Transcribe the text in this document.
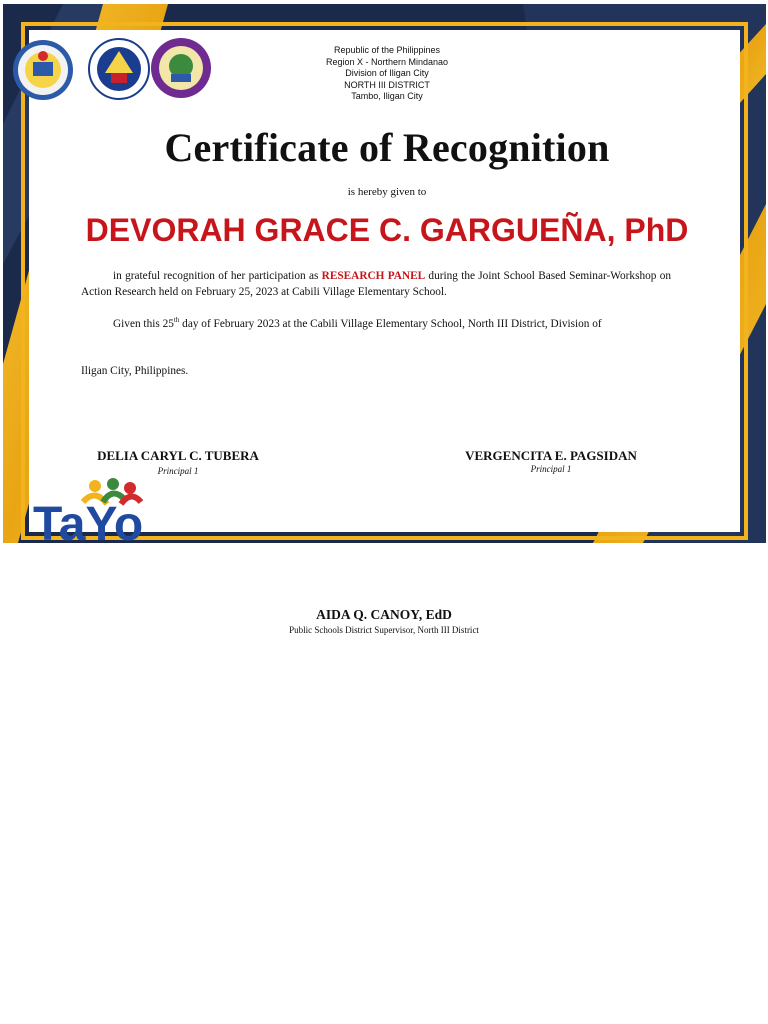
Republic of the Philippines
Region X - Northern Mindanao
Division of Iligan City
NORTH III DISTRICT
Tambo, Iligan City
Certificate of Recognition
is hereby given to
DEVORAH GRACE C. GARGUEÑA, PhD
in grateful recognition of her participation as RESEARCH PANEL during the Joint School Based Seminar-Workshop on Action Research held on February 25, 2023 at Cabili Village Elementary School.
Given this 25th day of February 2023 at the Cabili Village Elementary School, North III District, Division of
Iligan City, Philippines.
DELIA CARYL C. TUBERA
Principal 1
VERGENCITA E. PAGSIDAN
Principal 1
TaYo
AIDA Q. CANOY, EdD
Public Schools District Supervisor, North III District
